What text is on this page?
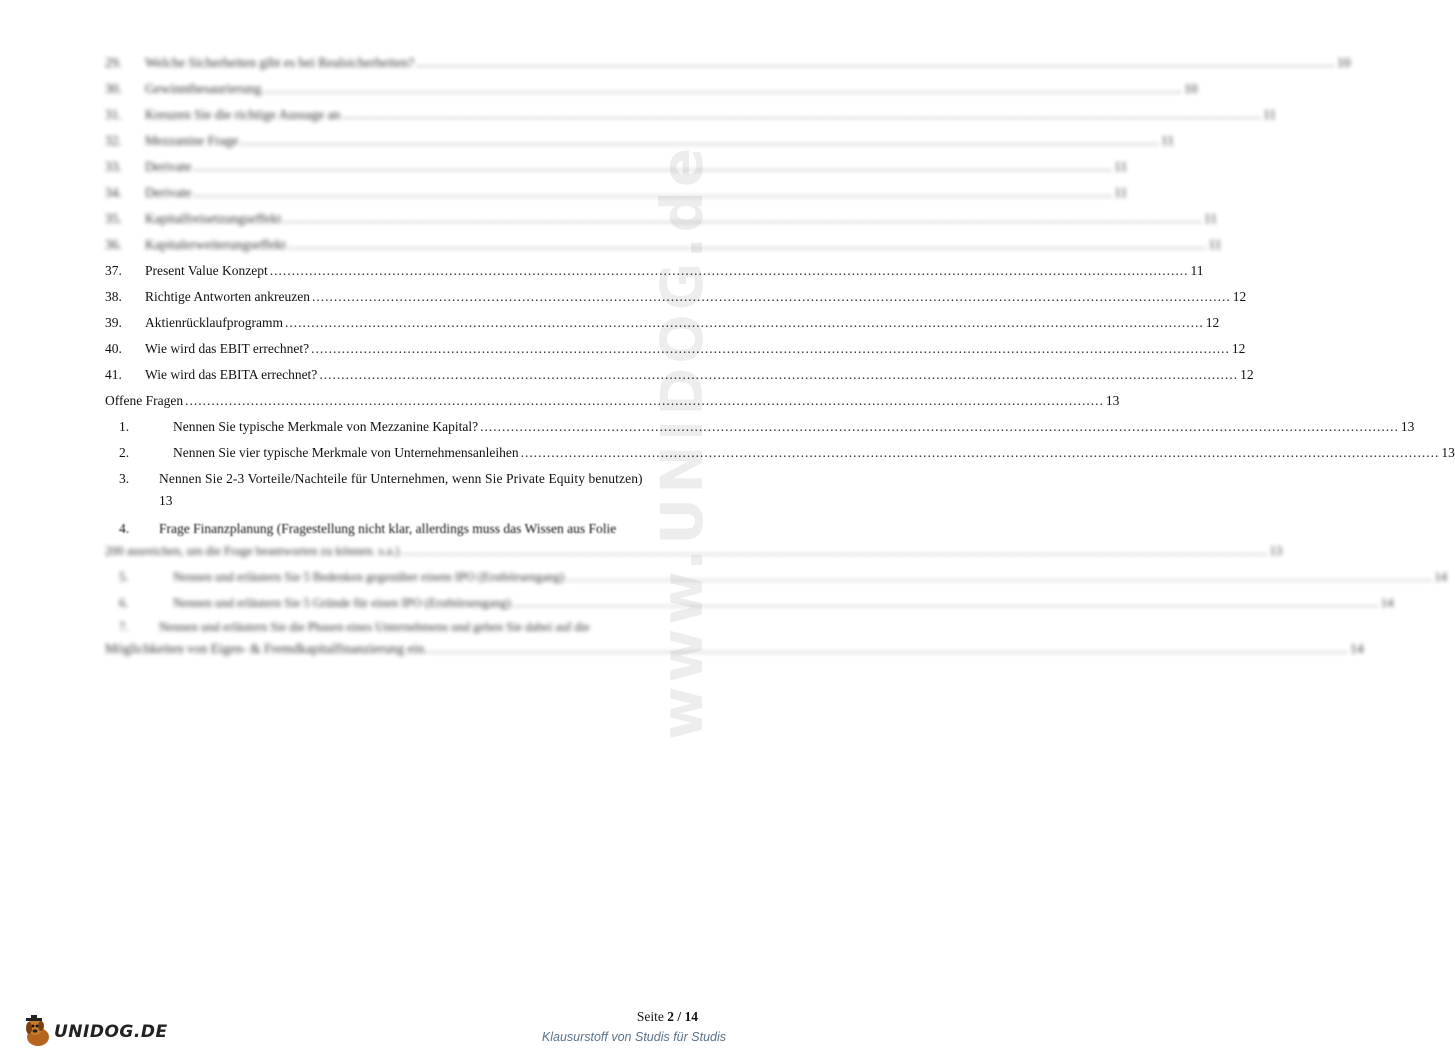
www.UNIDOG.de
29.	Welche Sicherheiten gibt es bei Realsicherheiten? .....	10
30.	Gewinnthesaurierung .....	10
31.	Kreuzen Sie die richtige Aussage an .....	11
32.	Mezzanine Frage .....	11
33.	Derivate .....	11
34.	Derivate .....	11
35.	Kapitalfreisetzungseffekt .....	11
36.	Kapitalerweiterungseffekt .....	11
37.	Present Value Konzept .....	11
38.	Richtige Antworten ankreuzen .....	12
39.	Aktienrücklaufprogramm .....	12
40.	Wie wird das EBIT errechnet? .....	12
41.	Wie wird das EBITA errechnet? .....	12
Offene Fragen .....	13
1.	Nennen Sie typische Merkmale von Mezzanine Kapital? .....	13
2.	Nennen Sie vier typische Merkmale von Unternehmensanleihen .....	13
3.	Nennen Sie 2-3 Vorteile/Nachteile für Unternehmen, wenn Sie Private Equity benutzen)
13
4.	Frage Finanzplanung (Fragestellung nicht klar, allerdings muss das Wissen aus Folie
200 ausreichen, um die Frage beantworten zu können. s.a.) .....	13
5.	Nennen und erläutern Sie 5 Bedenken gegenüber einem IPO (Erstbörsengang) .....	14
6.	Nennen und erläutern Sie 5 Gründe für einen IPO (Erstbörsengang) .....	14
7.	Nennen und erläutern Sie die Phasen eines Unternehmens und gehen Sie dabei auf die
Möglichkeiten von Eigen- & Fremdkapitalfinanzierung ein. .....	14
Seite 2 / 14
UNIDOG.DE	Klausurstoff von Studis für Studis
